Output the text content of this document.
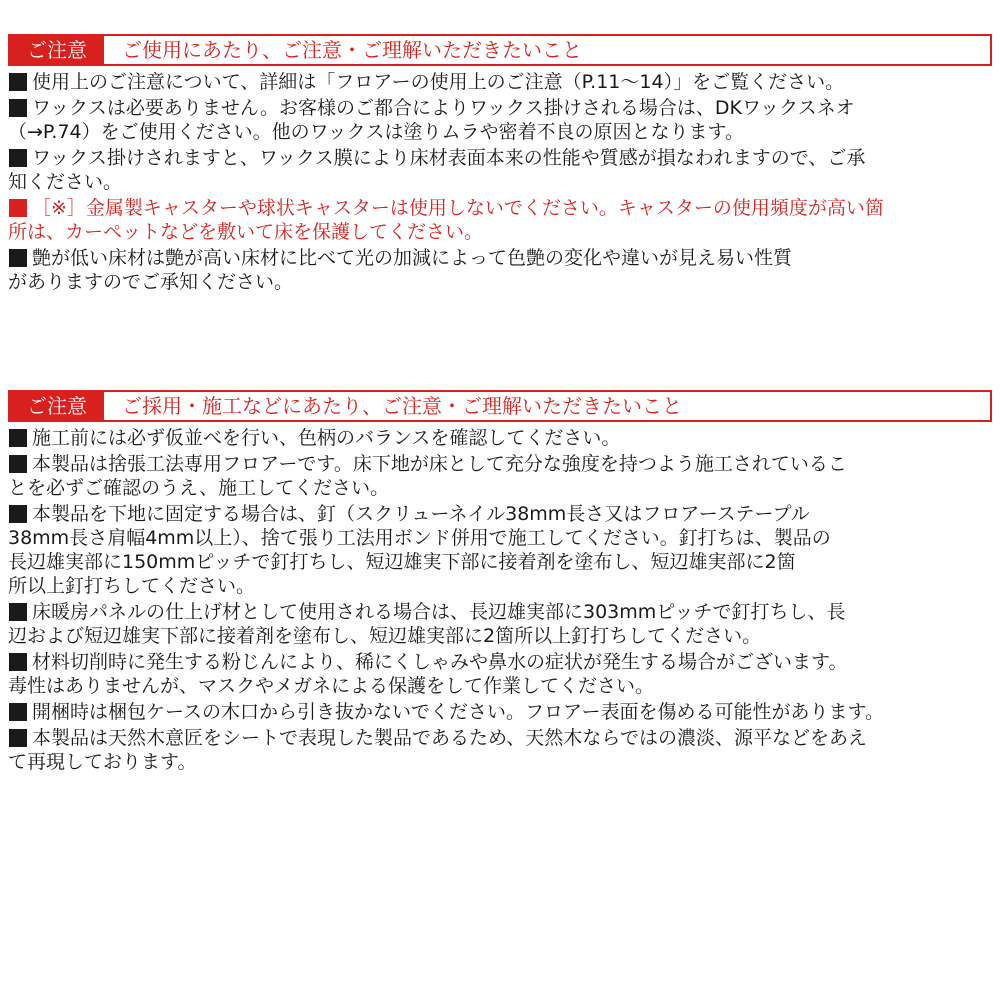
ご注意	ご使用にあたり、ご注意・ご理解いただきたいこと
使用上のご注意について、詳細は「フロアーの使用上のご注意（P.11～14）」をご覧ください。
ワックスは必要ありません。お客様のご都合によりワックス掛けされる場合は、DKワックスネオ
（→P.74）をご使用ください。他のワックスは塗りムラや密着不良の原因となります。
ワックス掛けされますと、ワックス膜により床材表面本来の性能や質感が損なわれますので、ご承
知ください。
［※］金属製キャスターや球状キャスターは使用しないでください。キャスターの使用頻度が高い箇
所は、カーペットなどを敷いて床を保護してください。
艶が低い床材は艶が高い床材に比べて光の加減によって色艶の変化や違いが見え易い性質
がありますのでご承知ください。
ご注意	ご採用・施工などにあたり、ご注意・ご理解いただきたいこと
施工前には必ず仮並べを行い、色柄のバランスを確認してください。
本製品は捨張工法専用フロアーです。床下地が床として充分な強度を持つよう施工されているこ
とを必ずご確認のうえ、施工してください。
本製品を下地に固定する場合は、釘（スクリューネイル38mm長さ又はフロアーステープル
38mm長さ肩幅4mm以上）、捨て張り工法用ボンド併用で施工してください。釘打ちは、製品の
長辺雄実部に150mmピッチで釘打ちし、短辺雄実下部に接着剤を塗布し、短辺雄実部に2箇
所以上釘打ちしてください。
床暖房パネルの仕上げ材として使用される場合は、長辺雄実部に303mmピッチで釘打ちし、長
辺および短辺雄実下部に接着剤を塗布し、短辺雄実部に2箇所以上釘打ちしてください。
材料切削時に発生する粉じんにより、稀にくしゃみや鼻水の症状が発生する場合がございます。
毒性はありませんが、マスクやメガネによる保護をして作業してください。
開梱時は梱包ケースの木口から引き抜かないでください。フロアー表面を傷める可能性があります。
本製品は天然木意匠をシートで表現した製品であるため、天然木ならではの濃淡、源平などをあえ
て再現しております。
